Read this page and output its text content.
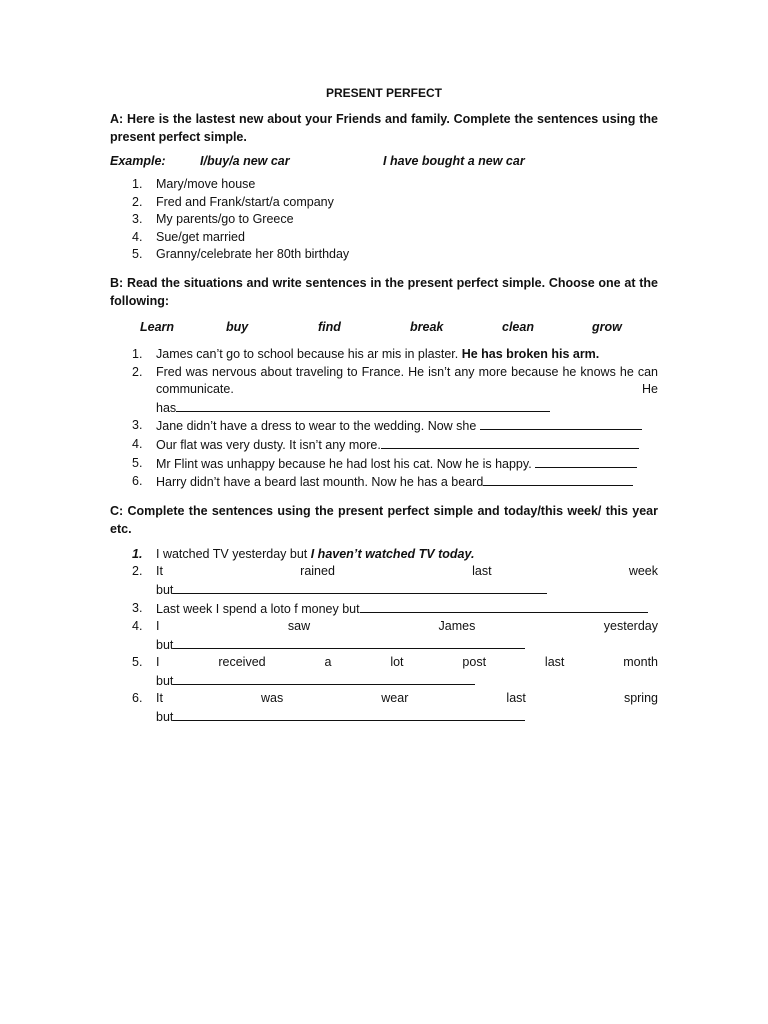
PRESENT PERFECT
A: Here is the lastest new about your Friends and family. Complete the sentences using the present perfect simple.
Example:	I/buy/a new car	I have bought a new car
1.	Mary/move house
2.	Fred and Frank/start/a company
3.	My parents/go to Greece
4.	Sue/get married
5.	Granny/celebrate her 80th birthday
B: Read the situations and write sentences in the present perfect simple. Choose one at the following:
Learn	buy	find	break	clean	grow
1.	James can’t go to school because his ar mis in plaster. He has broken his arm.
2.	Fred was nervous about traveling to France. He isn’t any more because he knows he can communicate. He
has
3.	Jane didn’t have a dress to wear to the wedding. Now she
4.	Our flat was very dusty. It isn’t any more.
5.	Mr Flint was unhappy because he had lost his cat. Now he is happy.
6.	Harry didn’t have a beard last mounth. Now he has a beard
C: Complete the sentences using the present perfect simple and today/this week/ this year etc.
1.	I watched TV yesterday but I haven’t watched TV today.
2.	It rained last week
but
3.	Last week I spend a loto f money but
4.	I saw James yesterday
but
5.	I received a lot post last month
but
6.	It was wear last spring
but
